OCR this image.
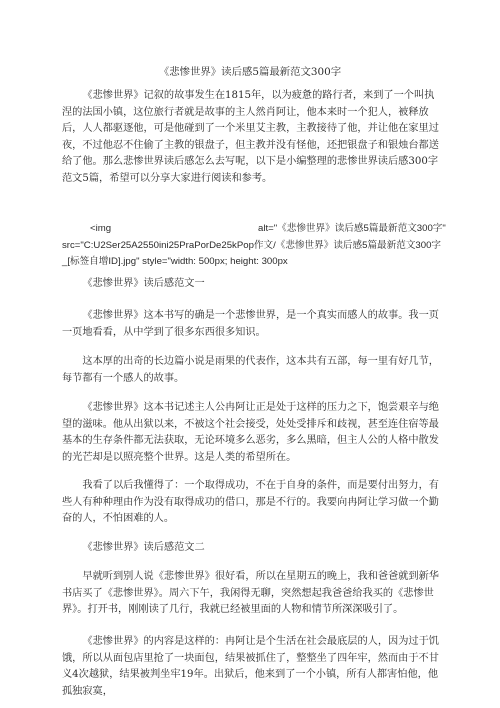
《悲惨世界》读后感5篇最新范文300字

《悲惨世界》记叙的故事发生在1815年，以为疲惫的路行者，来到了一个叫执涅的法国小镇，这位旅行者就是故事的主人然肖阿让，他本来时一个犯人，被释放后，人人都驱逐他，可是他碰到了一个米里艾主教，主教接待了他，并让他在家里过夜，不过他忍不住偷了主教的银盘子，但主教并没有怪他，还把银盘子和银烛台都送给了他。那么悲惨世界读后感怎么去写呢，以下是小编整理的悲惨世界读后感300字范文5篇，希望可以分享大家进行阅读和参考。

<img	alt="《悲惨世界》读后感5篇最新范文300字"
src="C:U2Ser25A2550ini25PraPorDe25kPop作文/《悲惨世界》读后感5篇最新范文300字_[标签自增ID].jpg" style="width: 500px; height: 300px
《悲惨世界》读后感范文一

《悲惨世界》这本书写的确是一个悲惨世界，是一个真实而感人的故事。我一页一页地看看，从中学到了很多东西很多知识。

这本厚的出奇的长边篇小说是雨果的代表作，这本共有五部，每一里有好几节，每节都有一个感人的故事。

《悲惨世界》这本书记述主人公冉阿让正是处于这样的压力之下，饱尝艰辛与绝望的滋味。他从出狱以来，不被这个社会接受，处处受排斥和歧视，甚至连住宿等最基本的生存条件都无法获取，无论环境多么恶劣，多么黑暗，但主人公的人格中散发的光芒却是以照亮整个世界。这是人类的希望所在。

我看了以后我懂得了：一个取得成功，不在于自身的条件，而是要付出努力，有些人有种种理由作为没有取得成功的借口，那是不行的。我要向冉阿让学习做一个勤奋的人，不怕困难的人。

《悲惨世界》读后感范文二

早就听到别人说《悲惨世界》很好看，所以在星期五的晚上，我和爸爸就到新华书店买了《悲惨世界》。周六下午，我闲得无聊，突然想起我爸爸给我买的《悲惨世界》。打开书，刚刚读了几行，我就已经被里面的人物和情节所深深吸引了。

《悲惨世界》的内容是这样的：冉阿让是个生活在社会最底层的人，因为过于饥饿，所以从面包店里抢了一块面包，结果被抓住了，整整坐了四年牢，然而由于不甘义4次越狱，结果被判坐牢19年。出狱后，他来到了一个小镇，所有人都害怕他，他孤独寂寞，
